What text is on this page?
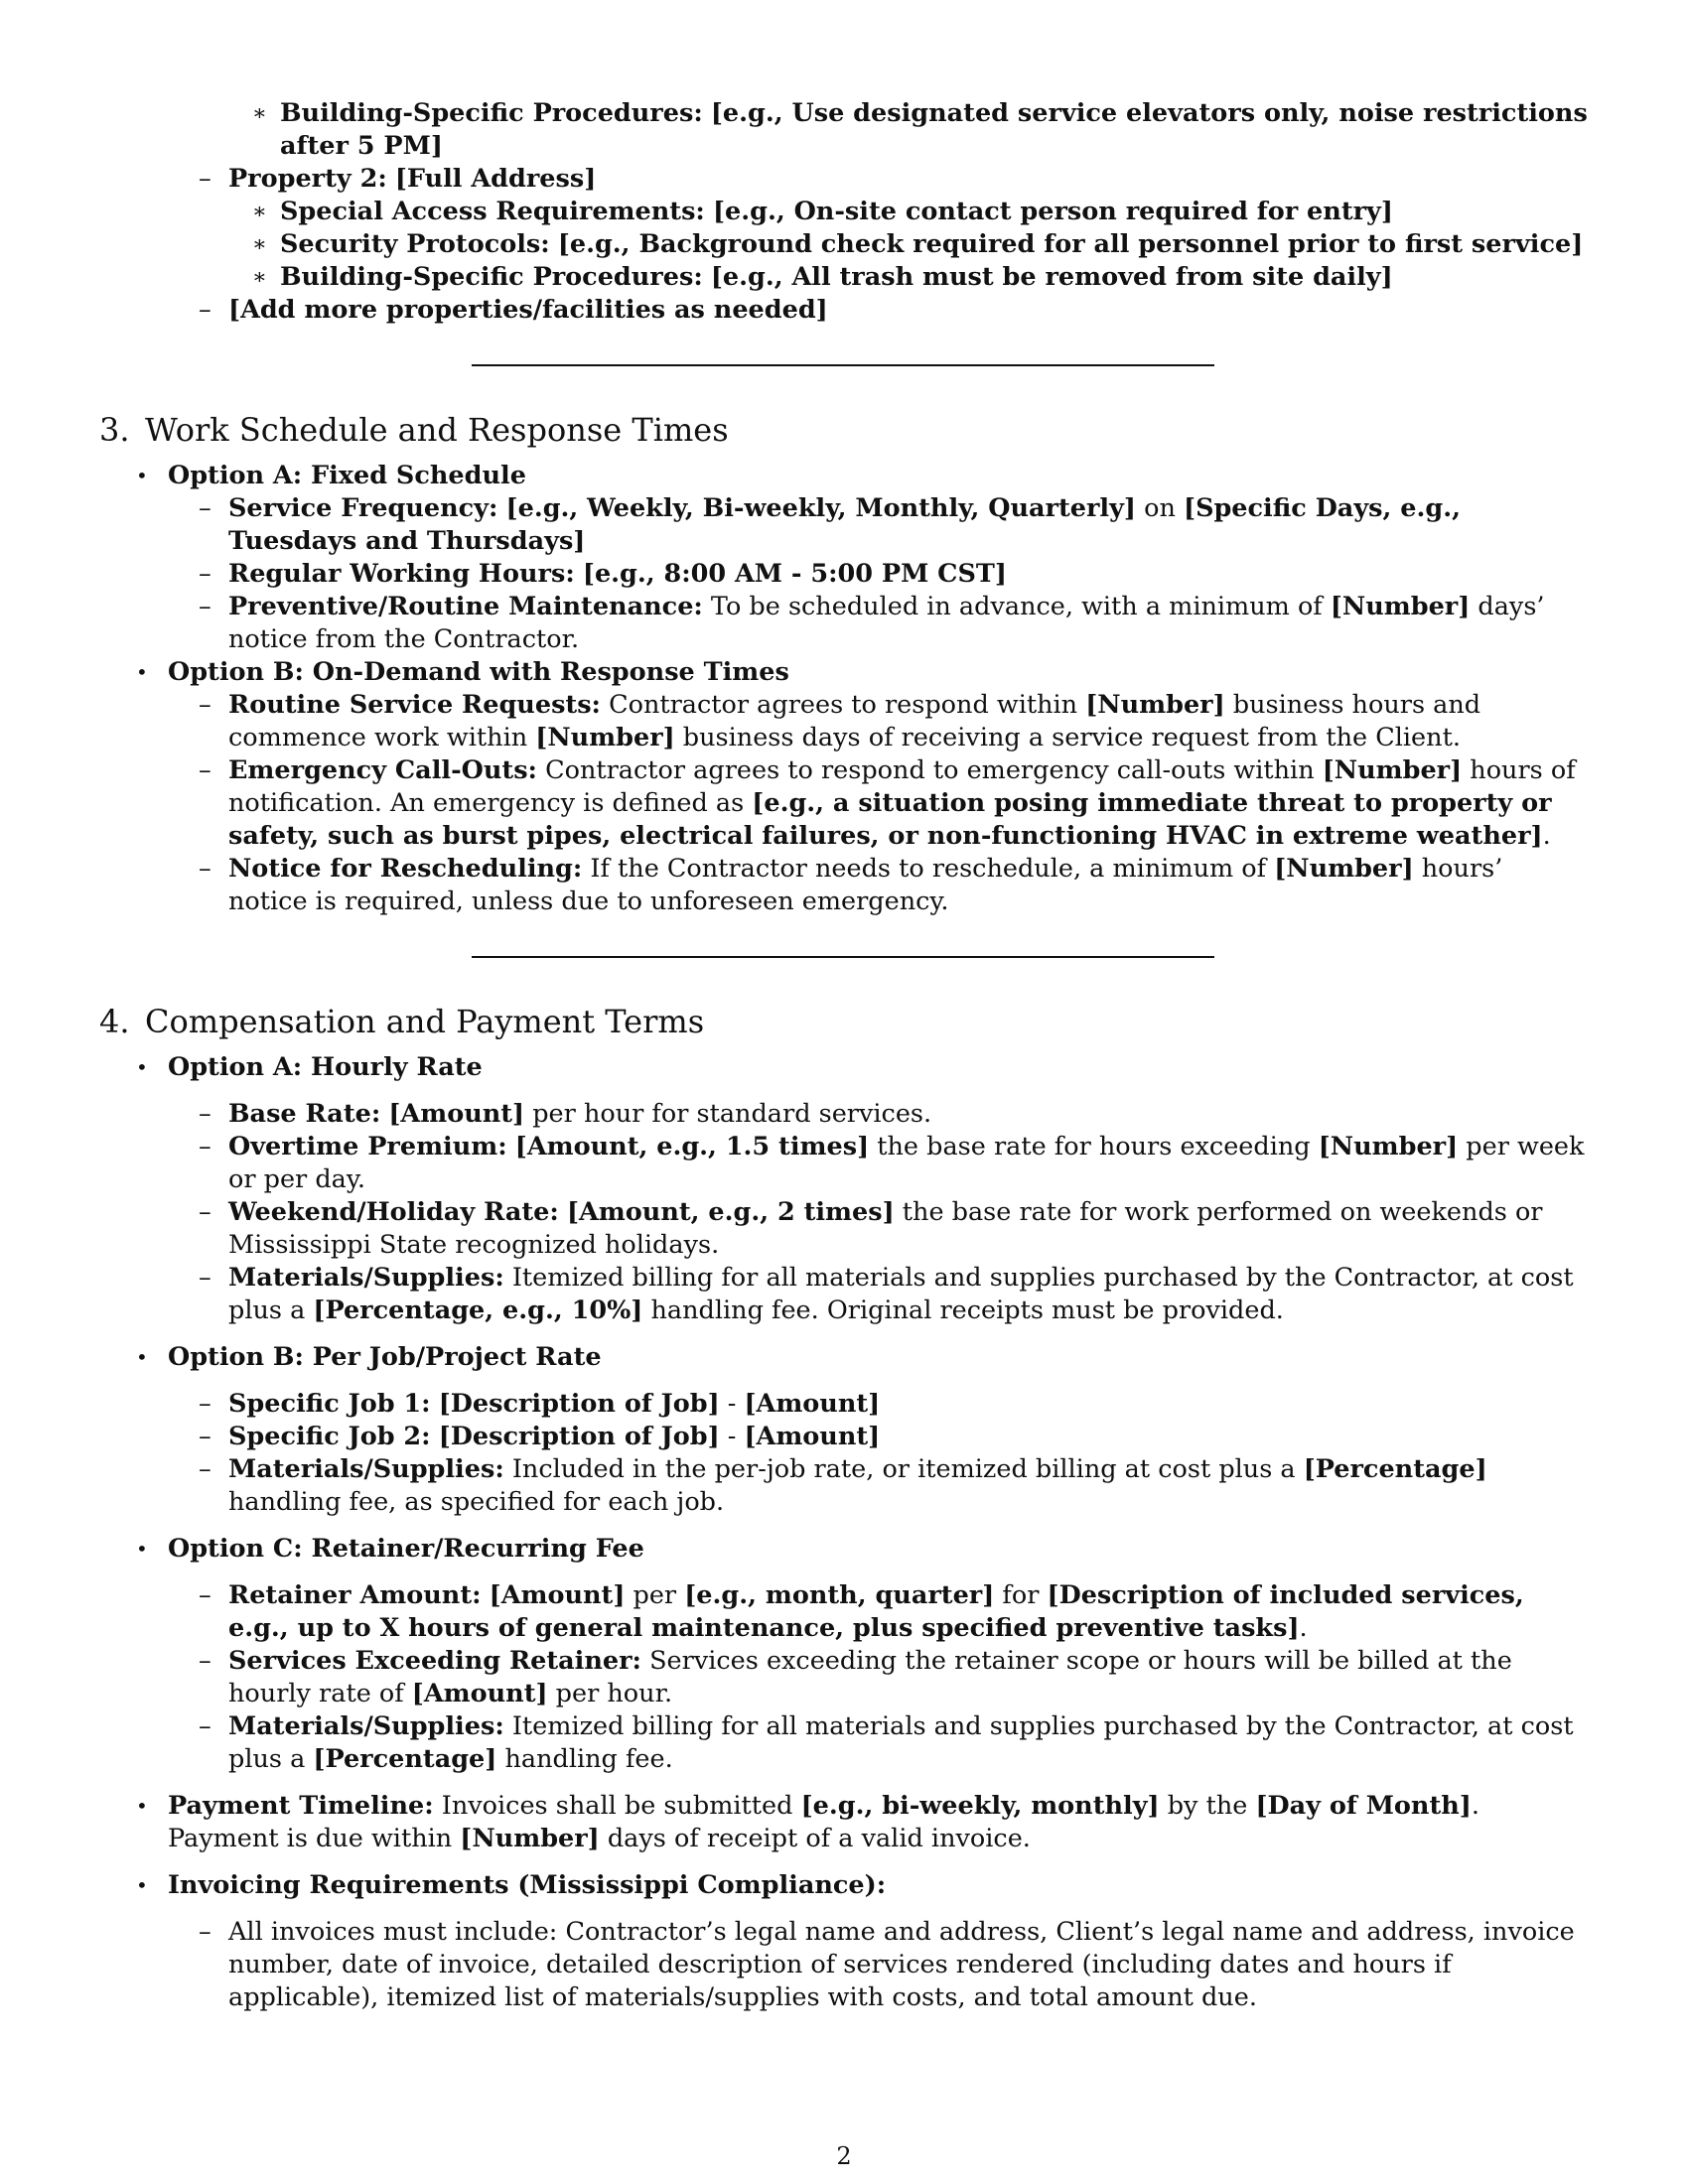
∗ Building-Specific Procedures: [e.g., Use designated service elevators only, noise restrictions after 5 PM]
– Property 2: [Full Address]
∗ Special Access Requirements: [e.g., On-site contact person required for entry]
∗ Security Protocols: [e.g., Background check required for all personnel prior to first service]
∗ Building-Specific Procedures: [e.g., All trash must be removed from site daily]
– [Add more properties/facilities as needed]
3. Work Schedule and Response Times
• Option A: Fixed Schedule
– Service Frequency: [e.g., Weekly, Bi-weekly, Monthly, Quarterly] on [Specific Days, e.g., Tuesdays and Thursdays]
– Regular Working Hours: [e.g., 8:00 AM - 5:00 PM CST]
– Preventive/Routine Maintenance: To be scheduled in advance, with a minimum of [Number] days’ notice from the Contractor.
• Option B: On-Demand with Response Times
– Routine Service Requests: Contractor agrees to respond within [Number] business hours and commence work within [Number] business days of receiving a service request from the Client.
– Emergency Call-Outs: Contractor agrees to respond to emergency call-outs within [Number] hours of notification. An emergency is defined as [e.g., a situation posing immediate threat to property or safety, such as burst pipes, electrical failures, or non-functioning HVAC in extreme weather].
– Notice for Rescheduling: If the Contractor needs to reschedule, a minimum of [Number] hours’ notice is required, unless due to unforeseen emergency.
4. Compensation and Payment Terms
• Option A: Hourly Rate
– Base Rate: [Amount] per hour for standard services.
– Overtime Premium: [Amount, e.g., 1.5 times] the base rate for hours exceeding [Number] per week or per day.
– Weekend/Holiday Rate: [Amount, e.g., 2 times] the base rate for work performed on weekends or Mississippi State recognized holidays.
– Materials/Supplies: Itemized billing for all materials and supplies purchased by the Contractor, at cost plus a [Percentage, e.g., 10%] handling fee. Original receipts must be provided.
• Option B: Per Job/Project Rate
– Specific Job 1: [Description of Job] - [Amount]
– Specific Job 2: [Description of Job] - [Amount]
– Materials/Supplies: Included in the per-job rate, or itemized billing at cost plus a [Percentage] handling fee, as specified for each job.
• Option C: Retainer/Recurring Fee
– Retainer Amount: [Amount] per [e.g., month, quarter] for [Description of included services, e.g., up to X hours of general maintenance, plus specified preventive tasks].
– Services Exceeding Retainer: Services exceeding the retainer scope or hours will be billed at the hourly rate of [Amount] per hour.
– Materials/Supplies: Itemized billing for all materials and supplies purchased by the Contractor, at cost plus a [Percentage] handling fee.
• Payment Timeline: Invoices shall be submitted [e.g., bi-weekly, monthly] by the [Day of Month]. Payment is due within [Number] days of receipt of a valid invoice.
• Invoicing Requirements (Mississippi Compliance):
– All invoices must include: Contractor’s legal name and address, Client’s legal name and address, invoice number, date of invoice, detailed description of services rendered (including dates and hours if applicable), itemized list of materials/supplies with costs, and total amount due.
2
